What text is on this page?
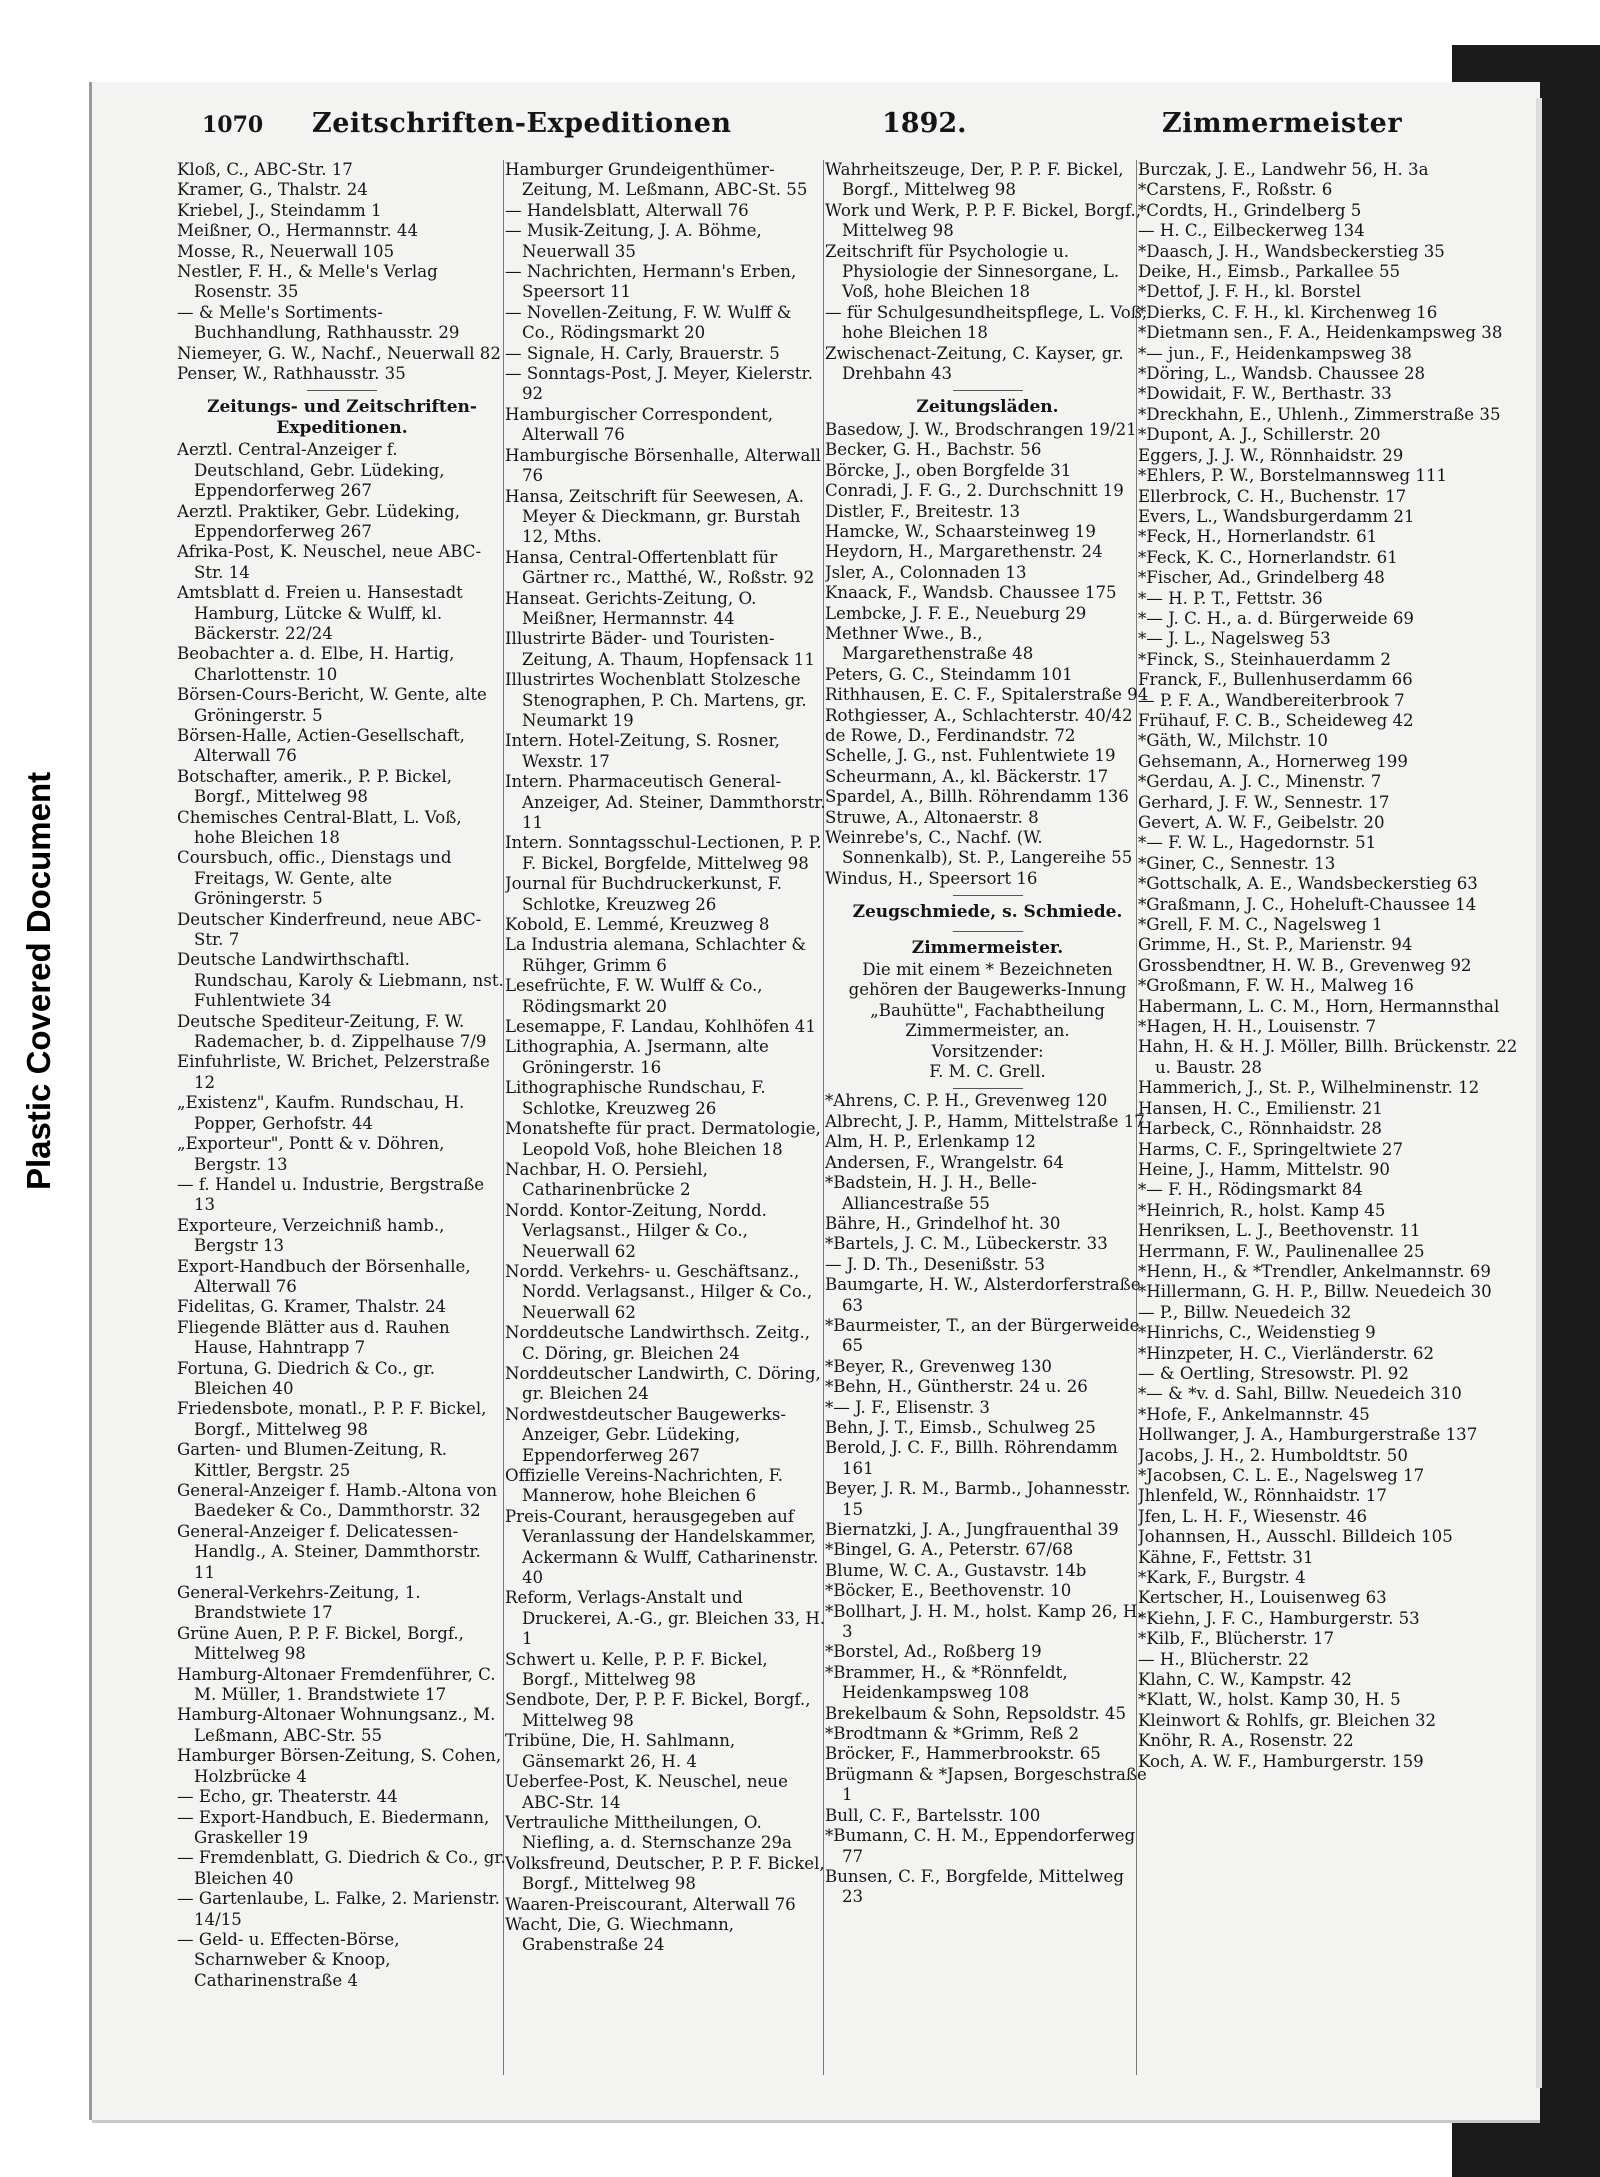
Plastic Covered Document
1070 Zeitschriften-Expeditionen	1892.	Zimmermeister
Kloß, C., ABC-Str. 17
Kramer, G., Thalstr. 24
Kriebel, J., Steindamm 1
Meißner, O., Hermannstr. 44
Mosse, R., Neuerwall 105
Nestler, F. H., & Melle's Verlag Rosenstr. 35
— & Melle's Sortiments-Buchhandlung, Rathhausstr. 29
Niemeyer, G. W., Nachf., Neuerwall 82
Penser, W., Rathhausstr. 35
Zeitungs- und Zeitschriften-Expeditionen.
Aerztl. Central-Anzeiger f. Deutschland, Gebr. Lüdeking, Eppendorferweg 267
Aerztl. Praktiker, Gebr. Lüdeking, Eppendorferweg 267
Afrika-Post, K. Neuschel, neue ABC-Str. 14
Amtsblatt d. Freien u. Hansestadt Hamburg, Lütcke & Wulff, kl. Bäckerstr. 22/24
Beobachter a. d. Elbe, H. Hartig, Charlottenstr. 10
Börsen-Cours-Bericht, W. Gente, alte Gröningerstr. 5
Börsen-Halle, Actien-Gesellschaft, Alterwall 76
Botschafter, amerik., P. P. Bickel, Borgf., Mittelweg 98
Chemisches Central-Blatt, L. Voß, hohe Bleichen 18
Coursbuch, offic., Dienstags und Freitags, W. Gente, alte Gröningerstr. 5
Deutscher Kinderfreund, neue ABC-Str. 7
Deutsche Landwirthschaftl. Rundschau, Karoly & Liebmann, nst. Fuhlentwiete 34
Deutsche Spediteur-Zeitung, F. W. Rademacher, b. d. Zippelhause 7/9
Einfuhrliste, W. Brichet, Pelzerstraße 12
„Existenz", Kaufm. Rundschau, H. Popper, Gerhofstr. 44
„Exporteur", Pontt & v. Döhren, Bergstr. 13
— f. Handel u. Industrie, Bergstraße 13
Exporteure, Verzeichniß hamb., Bergstr 13
Export-Handbuch der Börsenhalle, Alterwall 76
Fidelitas, G. Kramer, Thalstr. 24
Fliegende Blätter aus d. Rauhen Hause, Hahntrapp 7
Fortuna, G. Diedrich & Co., gr. Bleichen 40
Friedensbote, monatl., P. P. F. Bickel, Borgf., Mittelweg 98
Garten- und Blumen-Zeitung, R. Kittler, Bergstr. 25
General-Anzeiger f. Hamb.-Altona von Baedeker & Co., Dammthorstr. 32
General-Anzeiger f. Delicatessen-Handlg., A. Steiner, Dammthorstr. 11
General-Verkehrs-Zeitung, 1. Brandstwiete 17
Grüne Auen, P. P. F. Bickel, Borgf., Mittelweg 98
Hamburg-Altonaer Fremdenführer, C. M. Müller, 1. Brandstwiete 17
Hamburg-Altonaer Wohnungsanz., M. Leßmann, ABC-Str. 55
Hamburger Börsen-Zeitung, S. Cohen, Holzbrücke 4
— Echo, gr. Theaterstr. 44
— Export-Handbuch, E. Biedermann, Graskeller 19
— Fremdenblatt, G. Diedrich & Co., gr. Bleichen 40
— Gartenlaube, L. Falke, 2. Marienstr. 14/15
— Geld- u. Effecten-Börse, Scharnweber & Knoop, Catharinenstraße 4
Hamburger Grundeigenthümer-Zeitung, M. Leßmann, ABC-St. 55
— Handelsblatt, Alterwall 76
— Musik-Zeitung, J. A. Böhme, Neuerwall 35
— Nachrichten, Hermann's Erben, Speersort 11
— Novellen-Zeitung, F. W. Wulff & Co., Rödingsmarkt 20
— Signale, H. Carly, Brauerstr. 5
— Sonntags-Post, J. Meyer, Kielerstr. 92
Hamburgischer Correspondent, Alterwall 76
Hamburgische Börsenhalle, Alterwall 76
Hansa, Zeitschrift für Seewesen, A. Meyer & Dieckmann, gr. Burstah 12, Mths.
Hansa, Central-Offertenblatt für Gärtner rc., Matthé, W., Roßstr. 92
Hanseat. Gerichts-Zeitung, O. Meißner, Hermannstr. 44
Illustrirte Bäder- und Touristen-Zeitung, A. Thaum, Hopfensack 11
Illustrirtes Wochenblatt Stolzesche Stenographen, P. Ch. Martens, gr. Neumarkt 19
Intern. Hotel-Zeitung, S. Rosner, Wexstr. 17
Intern. Pharmaceutisch General-Anzeiger, Ad. Steiner, Dammthorstr. 11
Intern. Sonntagsschul-Lectionen, P. P. F. Bickel, Borgfelde, Mittelweg 98
Journal für Buchdruckerkunst, F. Schlotke, Kreuzweg 26
Kobold, E. Lemmé, Kreuzweg 8
La Industria alemana, Schlachter & Rühger, Grimm 6
Lesefrüchte, F. W. Wulff & Co., Rödingsmarkt 20
Lesemappe, F. Landau, Kohlhöfen 41
Lithographia, A. Jsermann, alte Gröningerstr. 16
Lithographische Rundschau, F. Schlotke, Kreuzweg 26
Monatshefte für pract. Dermatologie, Leopold Voß, hohe Bleichen 18
Nachbar, H. O. Persiehl, Catharinenbrücke 2
Nordd. Kontor-Zeitung, Nordd. Verlagsanst., Hilger & Co., Neuerwall 62
Nordd. Verkehrs- u. Geschäftsanz., Nordd. Verlagsanst., Hilger & Co., Neuerwall 62
Norddeutsche Landwirthsch. Zeitg., C. Döring, gr. Bleichen 24
Norddeutscher Landwirth, C. Döring, gr. Bleichen 24
Nordwestdeutscher Baugewerks-Anzeiger, Gebr. Lüdeking, Eppendorferweg 267
Offizielle Vereins-Nachrichten, F. Mannerow, hohe Bleichen 6
Preis-Courant, herausgegeben auf Veranlassung der Handelskammer, Ackermann & Wulff, Catharinenstr. 40
Reform, Verlags-Anstalt und Druckerei, A.-G., gr. Bleichen 33, H. 1
Schwert u. Kelle, P. P. F. Bickel, Borgf., Mittelweg 98
Sendbote, Der, P. P. F. Bickel, Borgf., Mittelweg 98
Tribüne, Die, H. Sahlmann, Gänsemarkt 26, H. 4
Ueberfee-Post, K. Neuschel, neue ABC-Str. 14
Vertrauliche Mittheilungen, O. Niefling, a. d. Sternschanze 29a
Volksfreund, Deutscher, P. P. F. Bickel, Borgf., Mittelweg 98
Waaren-Preiscourant, Alterwall 76
Wacht, Die, G. Wiechmann, Grabenstraße 24
Wahrheitszeuge, Der, P. P. F. Bickel, Borgf., Mittelweg 98
Work und Werk, P. P. F. Bickel, Borgf., Mittelweg 98
Zeitschrift für Psychologie u. Physiologie der Sinnesorgane, L. Voß, hohe Bleichen 18
— für Schulgesundheitspflege, L. Voß, hohe Bleichen 18
Zwischenact-Zeitung, C. Kayser, gr. Drehbahn 43
Zeitungsläden.
Basedow, J. W., Brodschrangen 19/21
Becker, G. H., Bachstr. 56
Börcke, J., oben Borgfelde 31
Conradi, J. F. G., 2. Durchschnitt 19
Distler, F., Breitestr. 13
Hamcke, W., Schaarsteinweg 19
Heydorn, H., Margarethenstr. 24
Jsler, A., Colonnaden 13
Knaack, F., Wandsb. Chaussee 175
Lembcke, J. F. E., Neueburg 29
Methner Wwe., B., Margarethenstraße 48
Peters, G. C., Steindamm 101
Rithhausen, E. C. F., Spitalerstraße 94
Rothgiesser, A., Schlachterstr. 40/42
de Rowe, D., Ferdinandstr. 72
Schelle, J. G., nst. Fuhlentwiete 19
Scheurmann, A., kl. Bäckerstr. 17
Spardel, A., Billh. Röhrendamm 136
Struwe, A., Altonaerstr. 8
Weinrebe's, C., Nachf. (W. Sonnenkalb), St. P., Langereihe 55
Windus, H., Speersort 16
Zeugschmiede, s. Schmiede.
Zimmermeister.
Die mit einem * Bezeichneten gehören der Baugewerks-Innung „Bauhütte", Fachabtheilung Zimmermeister, an.
Vorsitzender:
F. M. C. Grell.
*Ahrens, C. P. H., Grevenweg 120
Albrecht, J. P., Hamm, Mittelstraße 17
Alm, H. P., Erlenkamp 12
Andersen, F., Wrangelstr. 64
*Badstein, H. J. H., Belle-Alliancestraße 55
Bähre, H., Grindelhof ht. 30
*Bartels, J. C. M., Lübeckerstr. 33
— J. D. Th., Desenißstr. 53
Baumgarte, H. W., Alsterdorferstraße 63
*Baurmeister, T., an der Bürgerweide 65
*Beyer, R., Grevenweg 130
*Behn, H., Güntherstr. 24 u. 26
*— J. F., Elisenstr. 3
Behn, J. T., Eimsb., Schulweg 25
Berold, J. C. F., Billh. Röhrendamm 161
Beyer, J. R. M., Barmb., Johannesstr. 15
Biernatzki, J. A., Jungfrauenthal 39
*Bingel, G. A., Peterstr. 67/68
Blume, W. C. A., Gustavstr. 14b
*Böcker, E., Beethovenstr. 10
*Bollhart, J. H. M., holst. Kamp 26, H. 3
*Borstel, Ad., Roßberg 19
*Brammer, H., & *Rönnfeldt, Heidenkampsweg 108
Brekelbaum & Sohn, Repsoldstr. 45
*Brodtmann & *Grimm, Reß 2
Bröcker, F., Hammerbrookstr. 65
Brügmann & *Japsen, Borgeschstraße 1
Bull, C. F., Bartelsstr. 100
*Bumann, C. H. M., Eppendorferweg 77
Bunsen, C. F., Borgfelde, Mittelweg 23
Burczak, J. E., Landwehr 56, H. 3a
*Carstens, F., Roßstr. 6
*Cordts, H., Grindelberg 5
— H. C., Eilbeckerweg 134
*Daasch, J. H., Wandsbeckerstieg 35
Deike, H., Eimsb., Parkallee 55
*Dettof, J. F. H., kl. Borstel
*Dierks, C. F. H., kl. Kirchenweg 16
*Dietmann sen., F. A., Heidenkampsweg 38
*— jun., F., Heidenkampsweg 38
*Döring, L., Wandsb. Chaussee 28
*Dowidait, F. W., Berthastr. 33
*Dreckhahn, E., Uhlenh., Zimmerstraße 35
*Dupont, A. J., Schillerstr. 20
Eggers, J. J. W., Rönnhaidstr. 29
*Ehlers, P. W., Borstelmannsweg 111
Ellerbrock, C. H., Buchenstr. 17
Evers, L., Wandsburgerdamm 21
*Feck, H., Hornerlandstr. 61
*Feck, K. C., Hornerlandstr. 61
*Fischer, Ad., Grindelberg 48
*— H. P. T., Fettstr. 36
*— J. C. H., a. d. Bürgerweide 69
*— J. L., Nagelsweg 53
*Finck, S., Steinhauerdamm 2
Franck, F., Bullenhuserdamm 66
— P. F. A., Wandbereiterbrook 7
Frühauf, F. C. B., Scheideweg 42
*Gäth, W., Milchstr. 10
Gehsemann, A., Hornerweg 199
*Gerdau, A. J. C., Minenstr. 7
Gerhard, J. F. W., Sennestr. 17
Gevert, A. W. F., Geibelstr. 20
*— F. W. L., Hagedornstr. 51
*Giner, C., Sennestr. 13
*Gottschalk, A. E., Wandsbeckerstieg 63
*Graßmann, J. C., Hoheluft-Chaussee 14
*Grell, F. M. C., Nagelsweg 1
Grimme, H., St. P., Marienstr. 94
Grossbendtner, H. W. B., Grevenweg 92
*Großmann, F. W. H., Malweg 16
Habermann, L. C. M., Horn, Hermannsthal
*Hagen, H. H., Louisenstr. 7
Hahn, H. & H. J. Möller, Billh. Brückenstr. 22 u. Baustr. 28
Hammerich, J., St. P., Wilhelminenstr. 12
Hansen, H. C., Emilienstr. 21
Harbeck, C., Rönnhaidstr. 28
Harms, C. F., Springeltwiete 27
Heine, J., Hamm, Mittelstr. 90
*— F. H., Rödingsmarkt 84
*Heinrich, R., holst. Kamp 45
Henriksen, L. J., Beethovenstr. 11
Herrmann, F. W., Paulinenallee 25
*Henn, H., & *Trendler, Ankelmannstr. 69
*Hillermann, G. H. P., Billw. Neuedeich 30
— P., Billw. Neuedeich 32
*Hinrichs, C., Weidenstieg 9
*Hinzpeter, H. C., Vierländerstr. 62
— & Oertling, Stresowstr. Pl. 92
*— & *v. d. Sahl, Billw. Neuedeich 310
*Hofe, F., Ankelmannstr. 45
Hollwanger, J. A., Hamburgerstraße 137
Jacobs, J. H., 2. Humboldtstr. 50
*Jacobsen, C. L. E., Nagelsweg 17
Jhlenfeld, W., Rönnhaidstr. 17
Jfen, L. H. F., Wiesenstr. 46
Johannsen, H., Ausschl. Billdeich 105
Kähne, F., Fettstr. 31
*Kark, F., Burgstr. 4
Kertscher, H., Louisenweg 63
*Kiehn, J. F. C., Hamburgerstr. 53
*Kilb, F., Blücherstr. 17
— H., Blücherstr. 22
Klahn, C. W., Kampstr. 42
*Klatt, W., holst. Kamp 30, H. 5
Kleinwort & Rohlfs, gr. Bleichen 32
Knöhr, R. A., Rosenstr. 22
Koch, A. W. F., Hamburgerstr. 159
